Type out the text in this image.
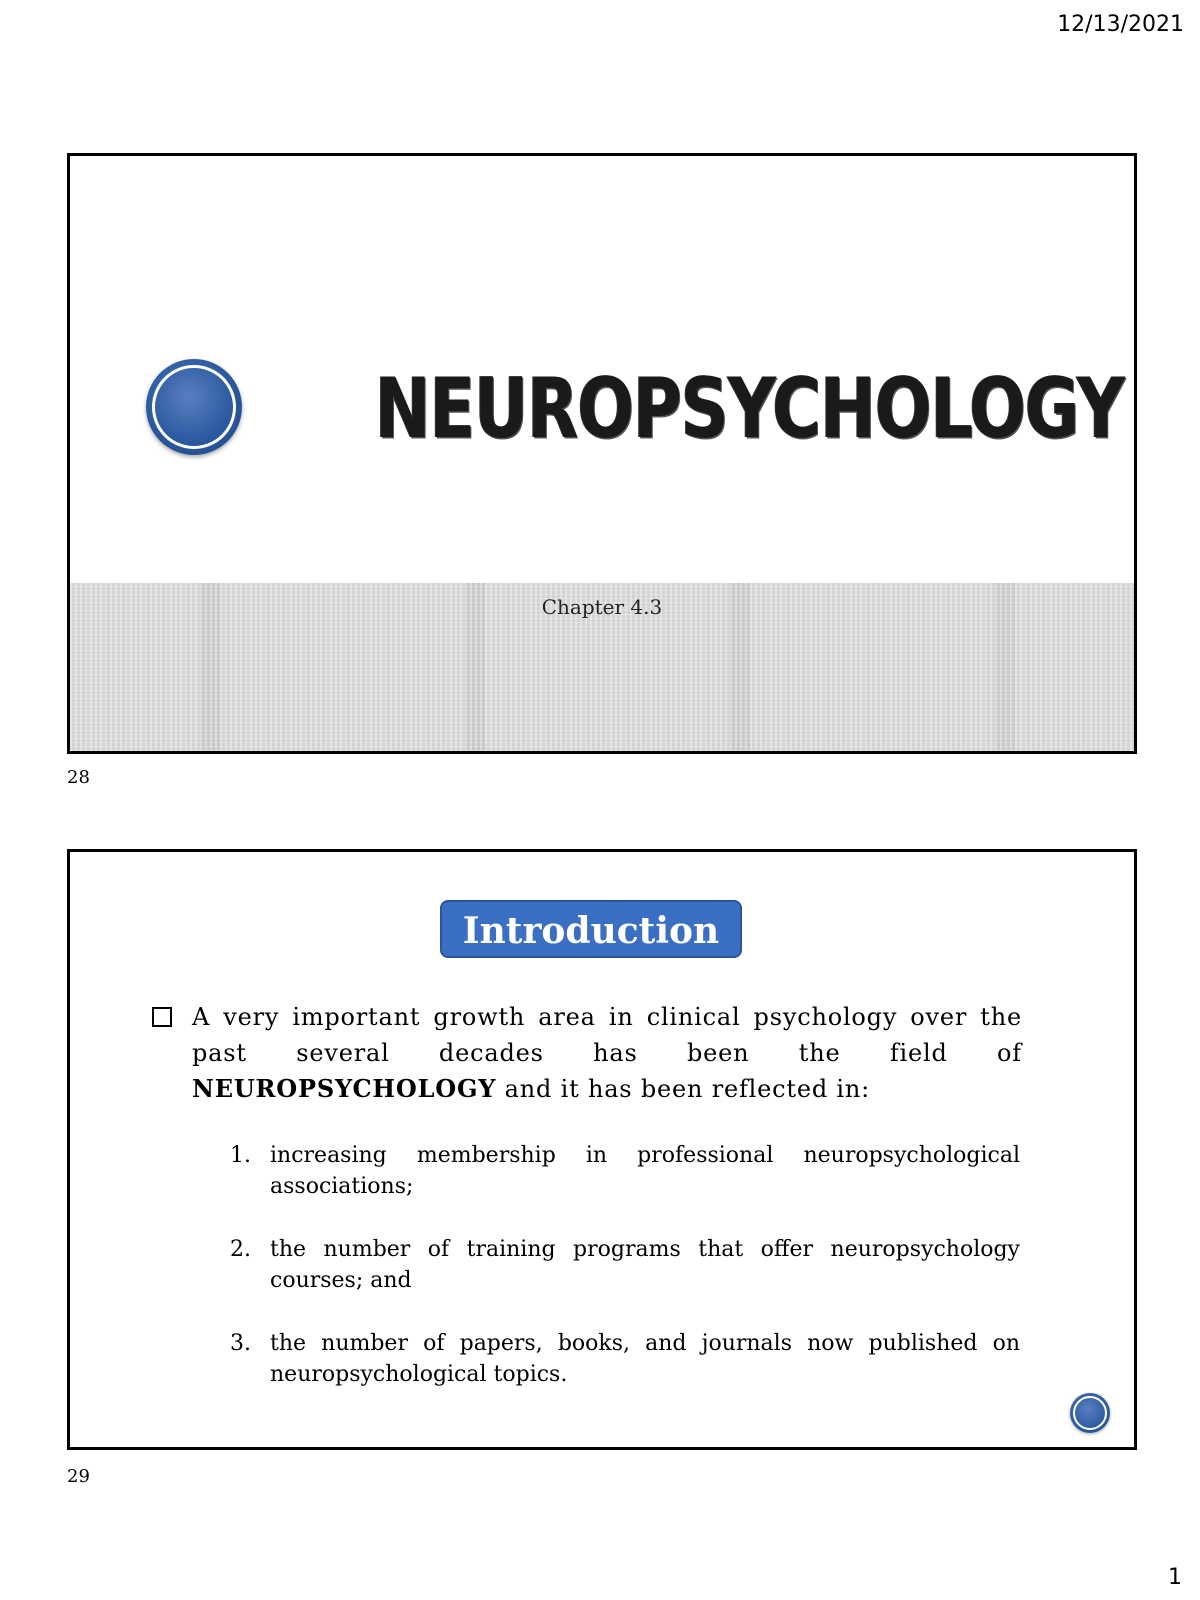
12/13/2021
NEUROPSYCHOLOGY
Chapter 4.3
28
Introduction
A very important growth area in clinical psychology over the past several decades has been the field of NEUROPSYCHOLOGY and it has been reflected in:
1. increasing membership in professional neuropsychological associations;
2. the number of training programs that offer neuropsychology courses; and
3. the number of papers, books, and journals now published on neuropsychological topics.
29
1
